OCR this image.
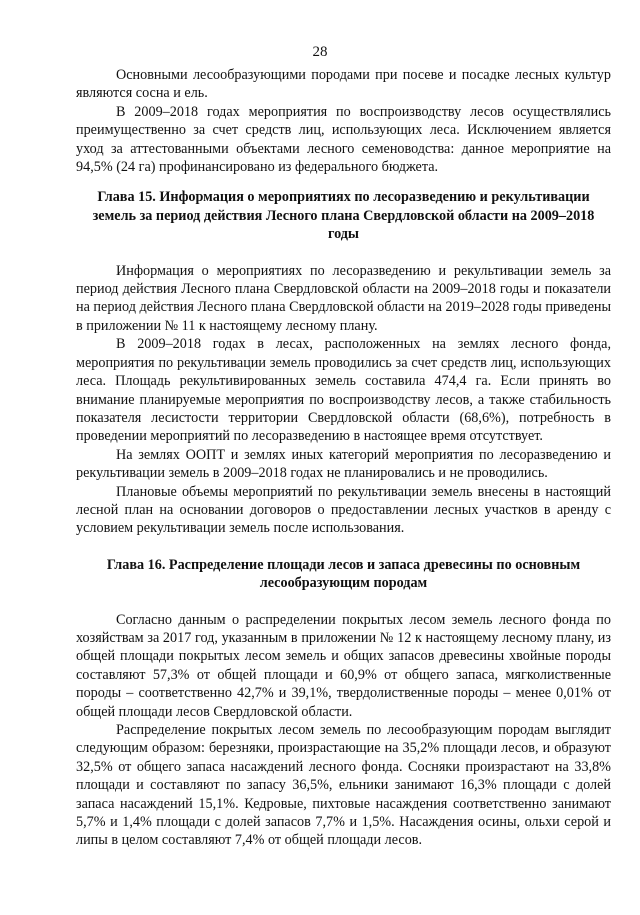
28

Основными лесообразующими породами при посеве и посадке лесных культур являются сосна и ель.

В 2009–2018 годах мероприятия по воспроизводству лесов осуществлялись преимущественно за счет средств лиц, использующих леса. Исключением является уход за аттестованными объектами лесного семеноводства: данное мероприятие на 94,5% (24 га) профинансировано из федерального бюджета.

Глава 15. Информация о мероприятиях по лесоразведению и рекультивации земель за период действия Лесного плана Свердловской области на 2009–2018 годы

Информация о мероприятиях по лесоразведению и рекультивации земель за период действия Лесного плана Свердловской области на 2009–2018 годы и показатели на период действия Лесного плана Свердловской области на 2019–2028 годы приведены в приложении № 11 к настоящему лесному плану.

В 2009–2018 годах в лесах, расположенных на землях лесного фонда, мероприятия по рекультивации земель проводились за счет средств лиц, использующих леса. Площадь рекультивированных земель составила 474,4 га. Если принять во внимание планируемые мероприятия по воспроизводству лесов, а также стабильность показателя лесистости территории Свердловской области (68,6%), потребность в проведении мероприятий по лесоразведению в настоящее время отсутствует.

На землях ООПТ и землях иных категорий мероприятия по лесоразведению и рекультивации земель в 2009–2018 годах не планировались и не проводились.

Плановые объемы мероприятий по рекультивации земель внесены в настоящий лесной план на основании договоров о предоставлении лесных участков в аренду с условием рекультивации земель после использования.

Глава 16. Распределение площади лесов и запаса древесины по основным лесообразующим породам

Согласно данным о распределении покрытых лесом земель лесного фонда по хозяйствам за 2017 год, указанным в приложении № 12 к настоящему лесному плану, из общей площади покрытых лесом земель и общих запасов древесины хвойные породы составляют 57,3% от общей площади и 60,9% от общего запаса, мягколиственные породы – соответственно 42,7% и 39,1%, твердолиственные породы – менее 0,01% от общей площади лесов Свердловской области.

Распределение покрытых лесом земель по лесообразующим породам выглядит следующим образом: березняки, произрастающие на 35,2% площади лесов, и образуют 32,5% от общего запаса насаждений лесного фонда. Сосняки произрастают на 33,8% площади и составляют по запасу 36,5%, ельники занимают 16,3% площади с долей запаса насаждений 15,1%. Кедровые, пихтовые насаждения соответственно занимают 5,7% и 1,4% площади с долей запасов 7,7% и 1,5%. Насаждения осины, ольхи серой и липы в целом составляют 7,4% от общей площади лесов.
